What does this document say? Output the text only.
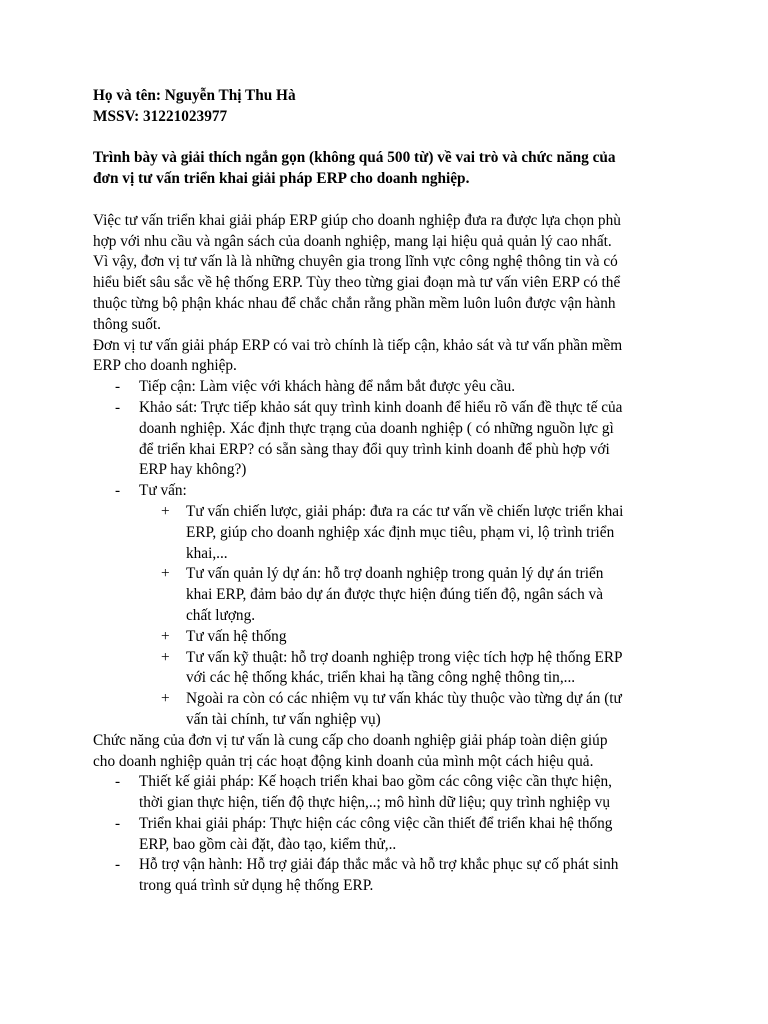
Họ và tên: Nguyễn Thị Thu Hà
MSSV: 31221023977
Trình bày và giải thích ngắn gọn (không quá 500 từ) về vai trò và chức năng của
đơn vị tư vấn triển khai giải pháp ERP cho doanh nghiệp.
Việc tư vấn triển khai giải pháp ERP giúp cho doanh nghiệp đưa ra được lựa chọn phù
hợp với nhu cầu và ngân sách của doanh nghiệp, mang lại hiệu quả quản lý cao nhất.
Vì vậy, đơn vị tư vấn là là những chuyên gia trong lĩnh vực công nghệ thông tin và có
hiểu biết sâu sắc về hệ thống ERP. Tùy theo từng giai đoạn mà tư vấn viên ERP có thể
thuộc từng bộ phận khác nhau để chắc chắn rằng phần mềm luôn luôn được vận hành
thông suốt.
Đơn vị tư vấn giải pháp ERP có vai trò chính là tiếp cận, khảo sát và tư vấn phần mềm
ERP cho doanh nghiệp.
- Tiếp cận: Làm việc với khách hàng để nắm bắt được yêu cầu.
- Khảo sát: Trực tiếp khảo sát quy trình kinh doanh để hiểu rõ vấn đề thực tế của
doanh nghiệp. Xác định thực trạng của doanh nghiệp ( có những nguồn lực gì
để triển khai ERP? có sẵn sàng thay đổi quy trình kinh doanh để phù hợp với
ERP hay không?)
- Tư vấn:
+ Tư vấn chiến lược, giải pháp: đưa ra các tư vấn về chiến lược triển khai
ERP, giúp cho doanh nghiệp xác định mục tiêu, phạm vi, lộ trình triển
khai,...
+ Tư vấn quản lý dự án: hỗ trợ doanh nghiệp trong quản lý dự án triển
khai ERP, đảm bảo dự án được thực hiện đúng tiến độ, ngân sách và
chất lượng.
+ Tư vấn hệ thống
+ Tư vấn kỹ thuật: hỗ trợ doanh nghiệp trong việc tích hợp hệ thống ERP
với các hệ thống khác, triển khai hạ tầng công nghệ thông tin,...
+ Ngoài ra còn có các nhiệm vụ tư vấn khác tùy thuộc vào từng dự án (tư
vấn tài chính, tư vấn nghiệp vụ)
Chức năng của đơn vị tư vấn là cung cấp cho doanh nghiệp giải pháp toàn diện giúp
cho doanh nghiệp quản trị các hoạt động kinh doanh của mình một cách hiệu quả.
- Thiết kế giải pháp: Kế hoạch triển khai bao gồm các công việc cần thực hiện,
thời gian thực hiện, tiến độ thực hiện,..; mô hình dữ liệu; quy trình nghiệp vụ
- Triển khai giải pháp: Thực hiện các công việc cần thiết để triển khai hệ thống
ERP, bao gồm cài đặt, đào tạo, kiểm thử,..
- Hỗ trợ vận hành: Hỗ trợ giải đáp thắc mắc và hỗ trợ khắc phục sự cố phát sinh
trong quá trình sử dụng hệ thống ERP.
